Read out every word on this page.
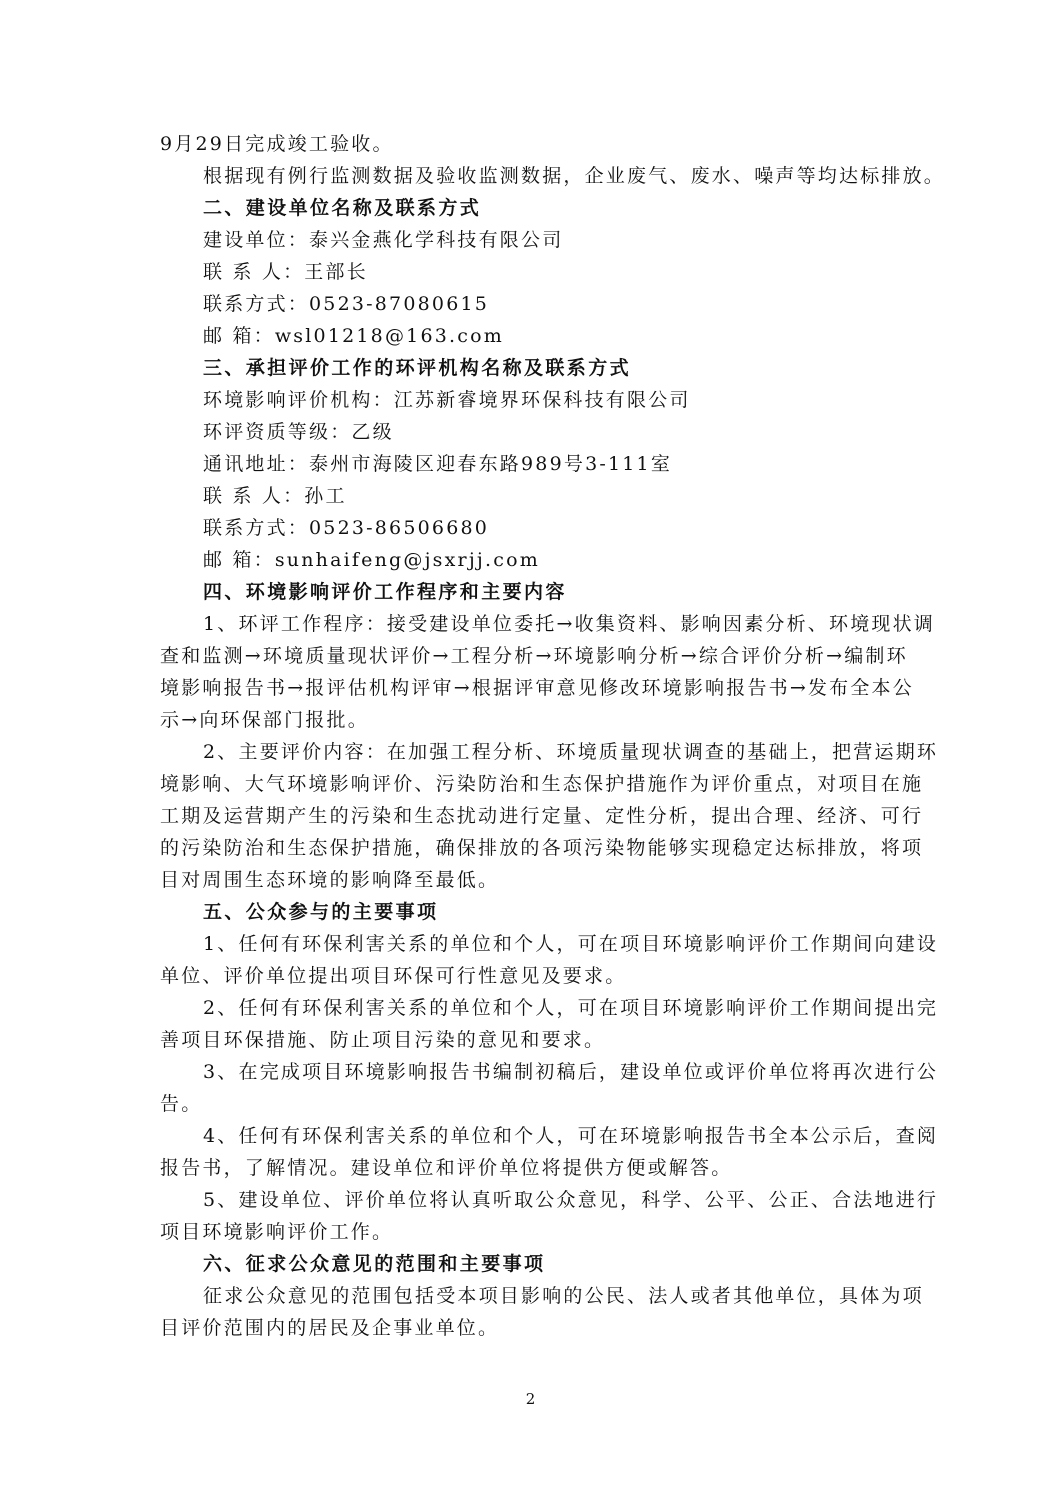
9月29日完成竣工验收。
根据现有例行监测数据及验收监测数据，企业废气、废水、噪声等均达标排放。
二、建设单位名称及联系方式
建设单位：泰兴金燕化学科技有限公司
联 系 人：王部长
联系方式：0523-87080615
邮 箱：wsl01218@163.com
三、承担评价工作的环评机构名称及联系方式
环境影响评价机构：江苏新睿境界环保科技有限公司
环评资质等级：乙级
通讯地址：泰州市海陵区迎春东路989号3-111室
联 系 人：孙工
联系方式：0523-86506680
邮 箱：sunhaifeng@jsxrjj.com
四、环境影响评价工作程序和主要内容
1、环评工作程序：接受建设单位委托→收集资料、影响因素分析、环境现状调
查和监测→环境质量现状评价→工程分析→环境影响分析→综合评价分析→编制环
境影响报告书→报评估机构评审→根据评审意见修改环境影响报告书→发布全本公
示→向环保部门报批。
2、主要评价内容：在加强工程分析、环境质量现状调查的基础上，把营运期环
境影响、大气环境影响评价、污染防治和生态保护措施作为评价重点，对项目在施
工期及运营期产生的污染和生态扰动进行定量、定性分析，提出合理、经济、可行
的污染防治和生态保护措施，确保排放的各项污染物能够实现稳定达标排放，将项
目对周围生态环境的影响降至最低。
五、公众参与的主要事项
1、任何有环保利害关系的单位和个人，可在项目环境影响评价工作期间向建设
单位、评价单位提出项目环保可行性意见及要求。
2、任何有环保利害关系的单位和个人，可在项目环境影响评价工作期间提出完
善项目环保措施、防止项目污染的意见和要求。
3、在完成项目环境影响报告书编制初稿后，建设单位或评价单位将再次进行公
告。
4、任何有环保利害关系的单位和个人，可在环境影响报告书全本公示后，查阅
报告书，了解情况。建设单位和评价单位将提供方便或解答。
5、建设单位、评价单位将认真听取公众意见，科学、公平、公正、合法地进行
项目环境影响评价工作。
六、征求公众意见的范围和主要事项
征求公众意见的范围包括受本项目影响的公民、法人或者其他单位，具体为项
目评价范围内的居民及企事业单位。
2
